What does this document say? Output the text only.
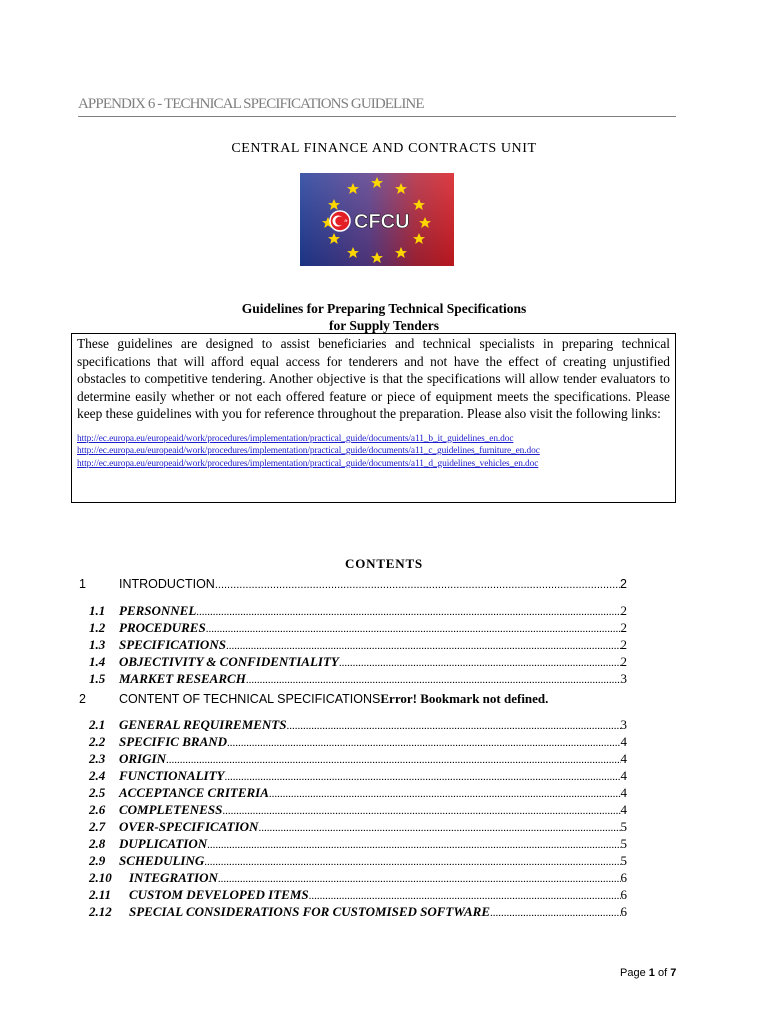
APPENDIX 6 - TECHNICAL SPECIFICATIONS GUIDELINE
CENTRAL FINANCE AND CONTRACTS UNIT
CFCU
Guidelines for Preparing Technical Specifications
for Supply Tenders

These guidelines are designed to assist beneficiaries and technical specialists in preparing technical specifications that will afford equal access for tenderers and not have the effect of creating unjustified obstacles to competitive tendering. Another objective is that the specifications will allow tender evaluators to determine easily whether or not each offered feature or piece of equipment meets the specifications. Please keep these guidelines with you for reference throughout the preparation. Please also visit the following links:

http://ec.europa.eu/europeaid/work/procedures/implementation/practical_guide/documents/a11_b_it_guidelines_en.doc
http://ec.europa.eu/europeaid/work/procedures/implementation/practical_guide/documents/a11_c_guidelines_furniture_en.doc
http://ec.europa.eu/europeaid/work/procedures/implementation/practical_guide/documents/a11_d_guidelines_vehicles_en.doc
CONTENTS
1	INTRODUCTION .....	2
1.1	PERSONNEL .....	2
1.2	PROCEDURES .....	2
1.3	SPECIFICATIONS .....	2
1.4	OBJECTIVITY & CONFIDENTIALITY .....	2
1.5	MARKET RESEARCH .....	3
2	CONTENT OF TECHNICAL SPECIFICATIONS Error! Bookmark not defined.
2.1	GENERAL REQUIREMENTS .....	3
2.2	SPECIFIC BRAND .....	4
2.3	ORIGIN .....	4
2.4	FUNCTIONALITY .....	4
2.5	ACCEPTANCE CRITERIA .....	4
2.6	COMPLETENESS .....	4
2.7	OVER-SPECIFICATION .....	5
2.8	DUPLICATION .....	5
2.9	SCHEDULING .....	5
2.10	INTEGRATION .....	6
2.11	CUSTOM DEVELOPED ITEMS .....	6
2.12	SPECIAL CONSIDERATIONS FOR CUSTOMISED SOFTWARE .....	6
Page 1 of 7
